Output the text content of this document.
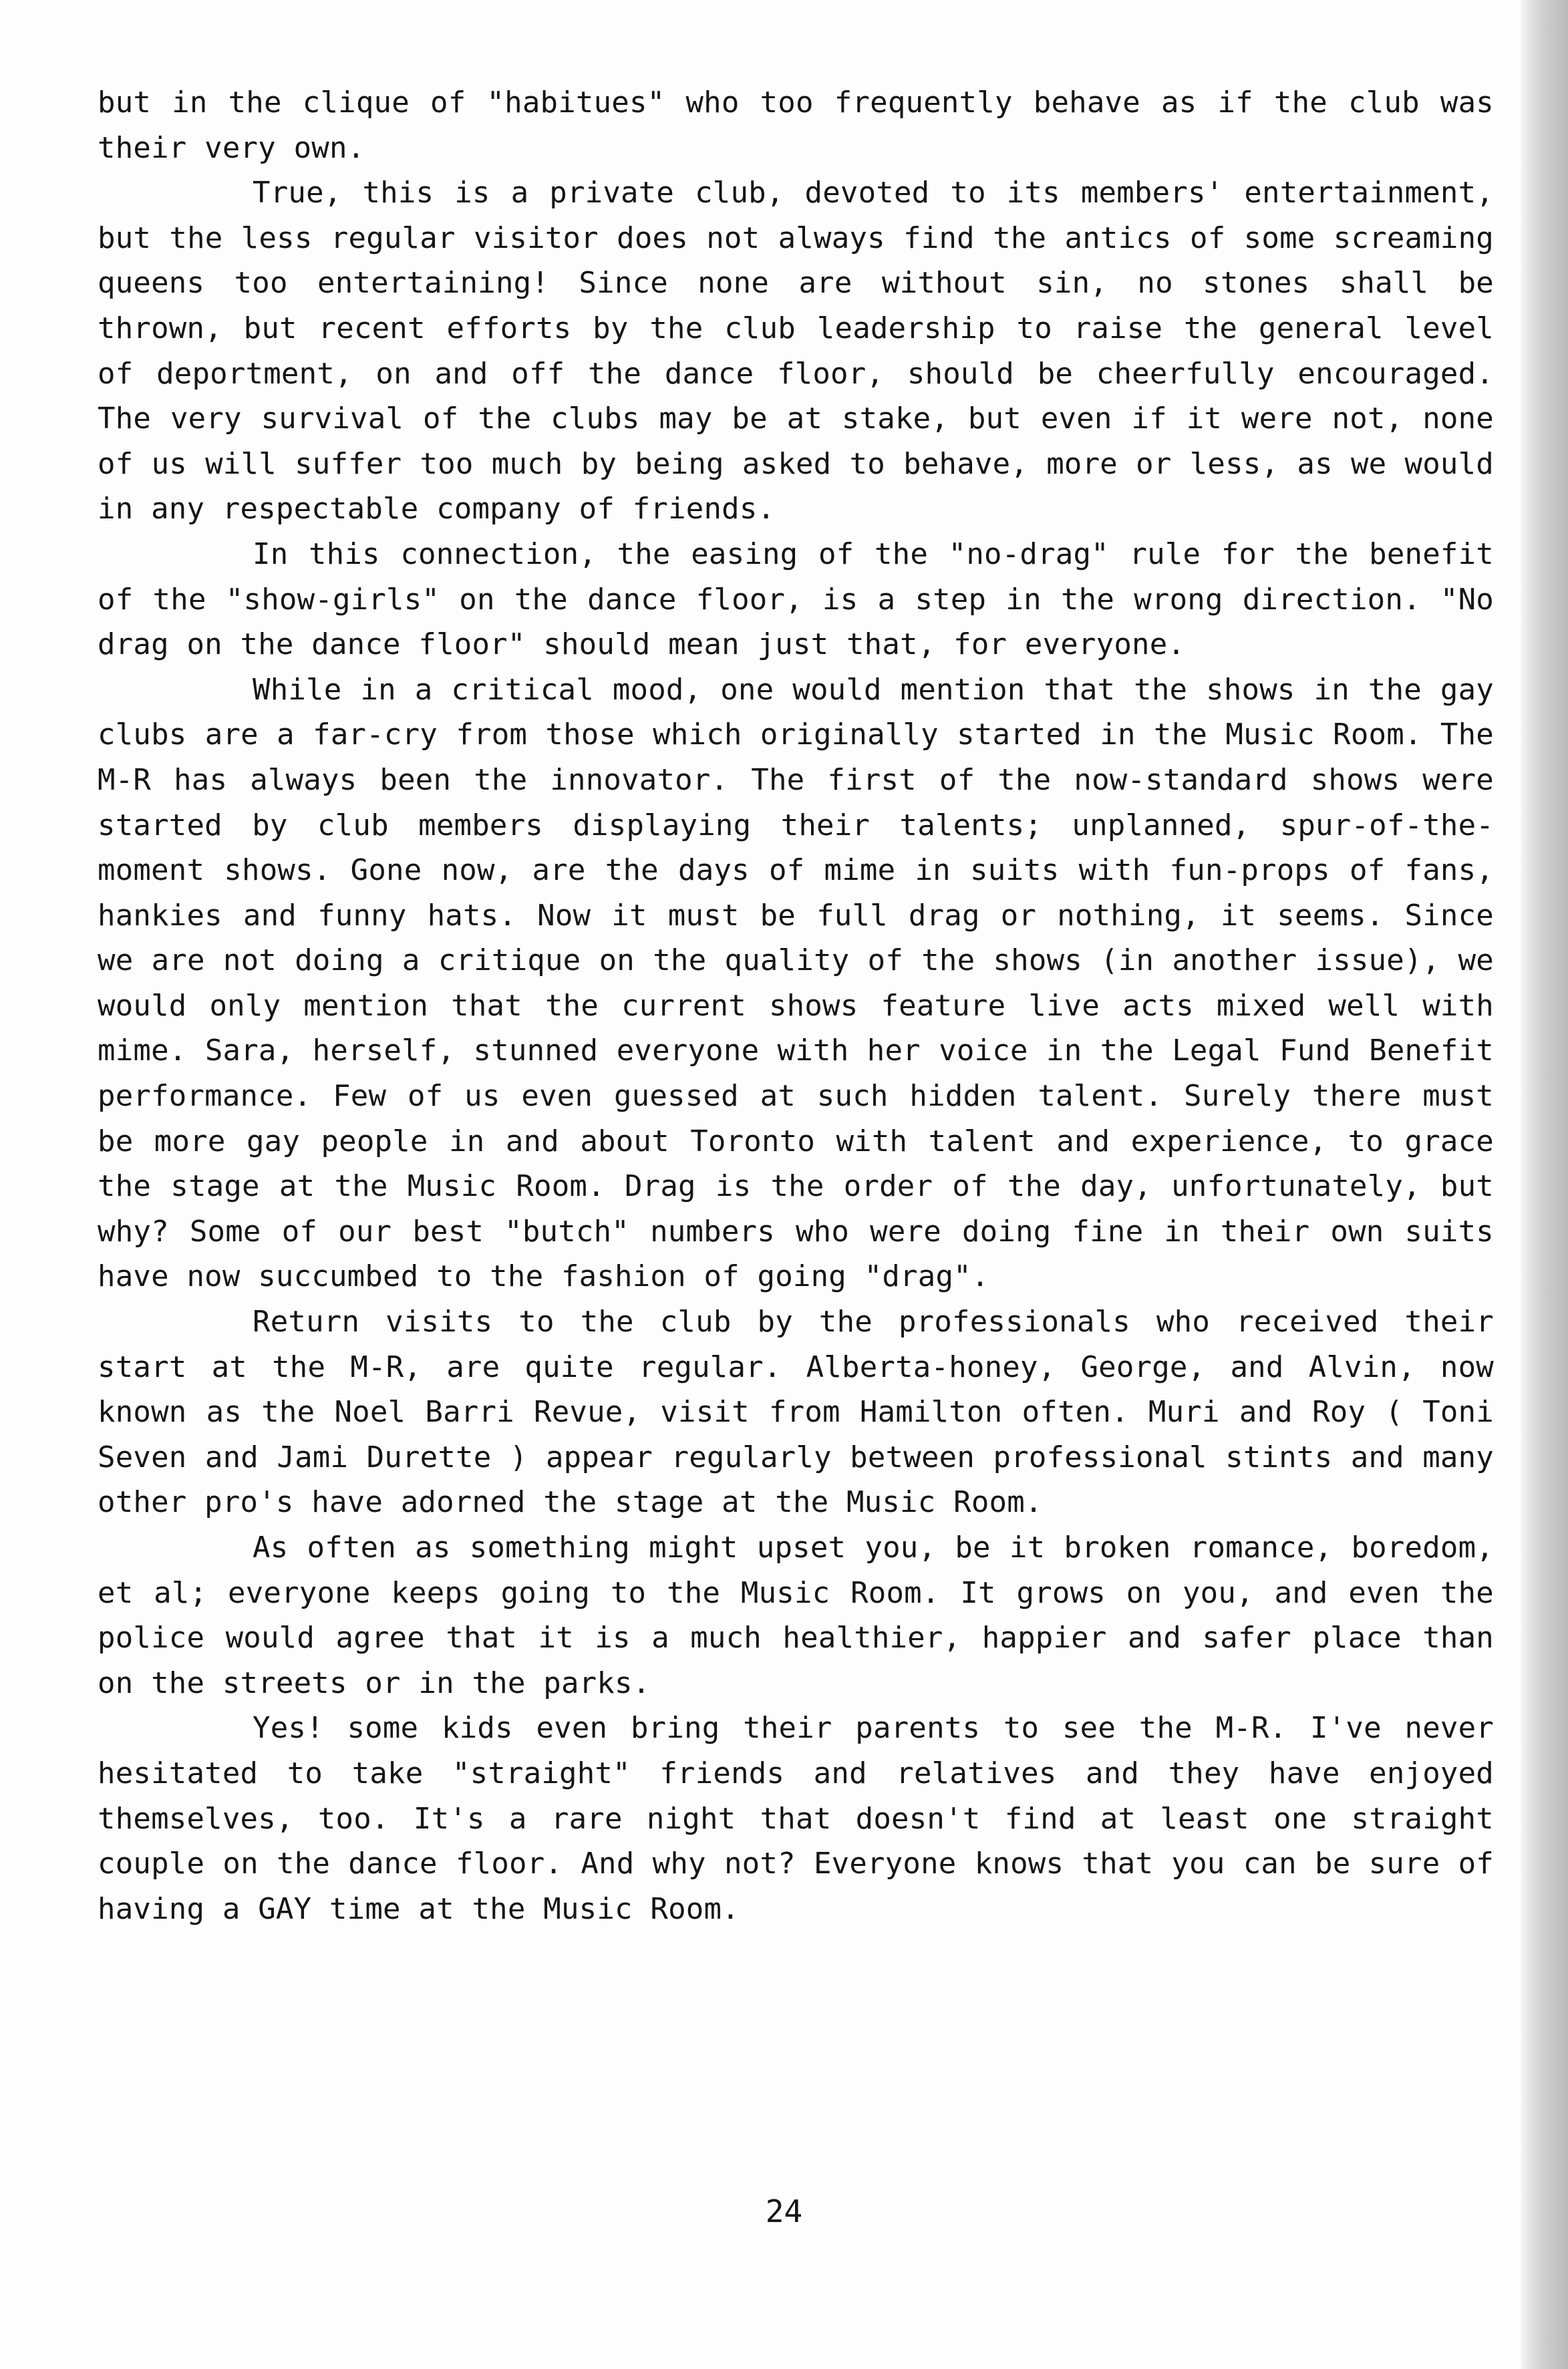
but in the clique of "habitues" who too frequently behave as if the club was their very own.

True, this is a private club, devoted to its members' entertainment, but the less regular visitor does not always find the antics of some screaming queens too entertaining! Since none are without sin, no stones shall be thrown, but recent efforts by the club leadership to raise the general level of deportment, on and off the dance floor, should be cheerfully encouraged. The very survival of the clubs may be at stake, but even if it were not, none of us will suffer too much by being asked to behave, more or less, as we would in any respectable company of friends.

In this connection, the easing of the "no-drag" rule for the benefit of the "show-girls" on the dance floor, is a step in the wrong direction. "No drag on the dance floor" should mean just that, for everyone.

While in a critical mood, one would mention that the shows in the gay clubs are a far-cry from those which originally started in the Music Room. The M-R has always been the innovator. The first of the now-standard shows were started by club members displaying their talents; unplanned, spur-of-the-moment shows. Gone now, are the days of mime in suits with fun-props of fans, hankies and funny hats. Now it must be full drag or nothing, it seems. Since we are not doing a critique on the quality of the shows (in another issue), we would only mention that the current shows feature live acts mixed well with mime. Sara, herself, stunned everyone with her voice in the Legal Fund Benefit performance. Few of us even guessed at such hidden talent. Surely there must be more gay people in and about Toronto with talent and experience, to grace the stage at the Music Room. Drag is the order of the day, unfortunately, but why? Some of our best "butch" numbers who were doing fine in their own suits have now succumbed to the fashion of going "drag".

Return visits to the club by the professionals who received their start at the M-R, are quite regular. Alberta-honey, George, and Alvin, now known as the Noel Barri Revue, visit from Hamilton often. Muri and Roy ( Toni Seven and Jami Durette ) appear regularly between professional stints and many other pro's have adorned the stage at the Music Room.

As often as something might upset you, be it broken romance, boredom, et al; everyone keeps going to the Music Room. It grows on you, and even the police would agree that it is a much healthier, happier and safer place than on the streets or in the parks.

Yes! some kids even bring their parents to see the M-R. I've never hesitated to take "straight" friends and relatives and they have enjoyed themselves, too. It's a rare night that doesn't find at least one straight couple on the dance floor. And why not? Everyone knows that you can be sure of having a GAY time at the Music Room.

24
